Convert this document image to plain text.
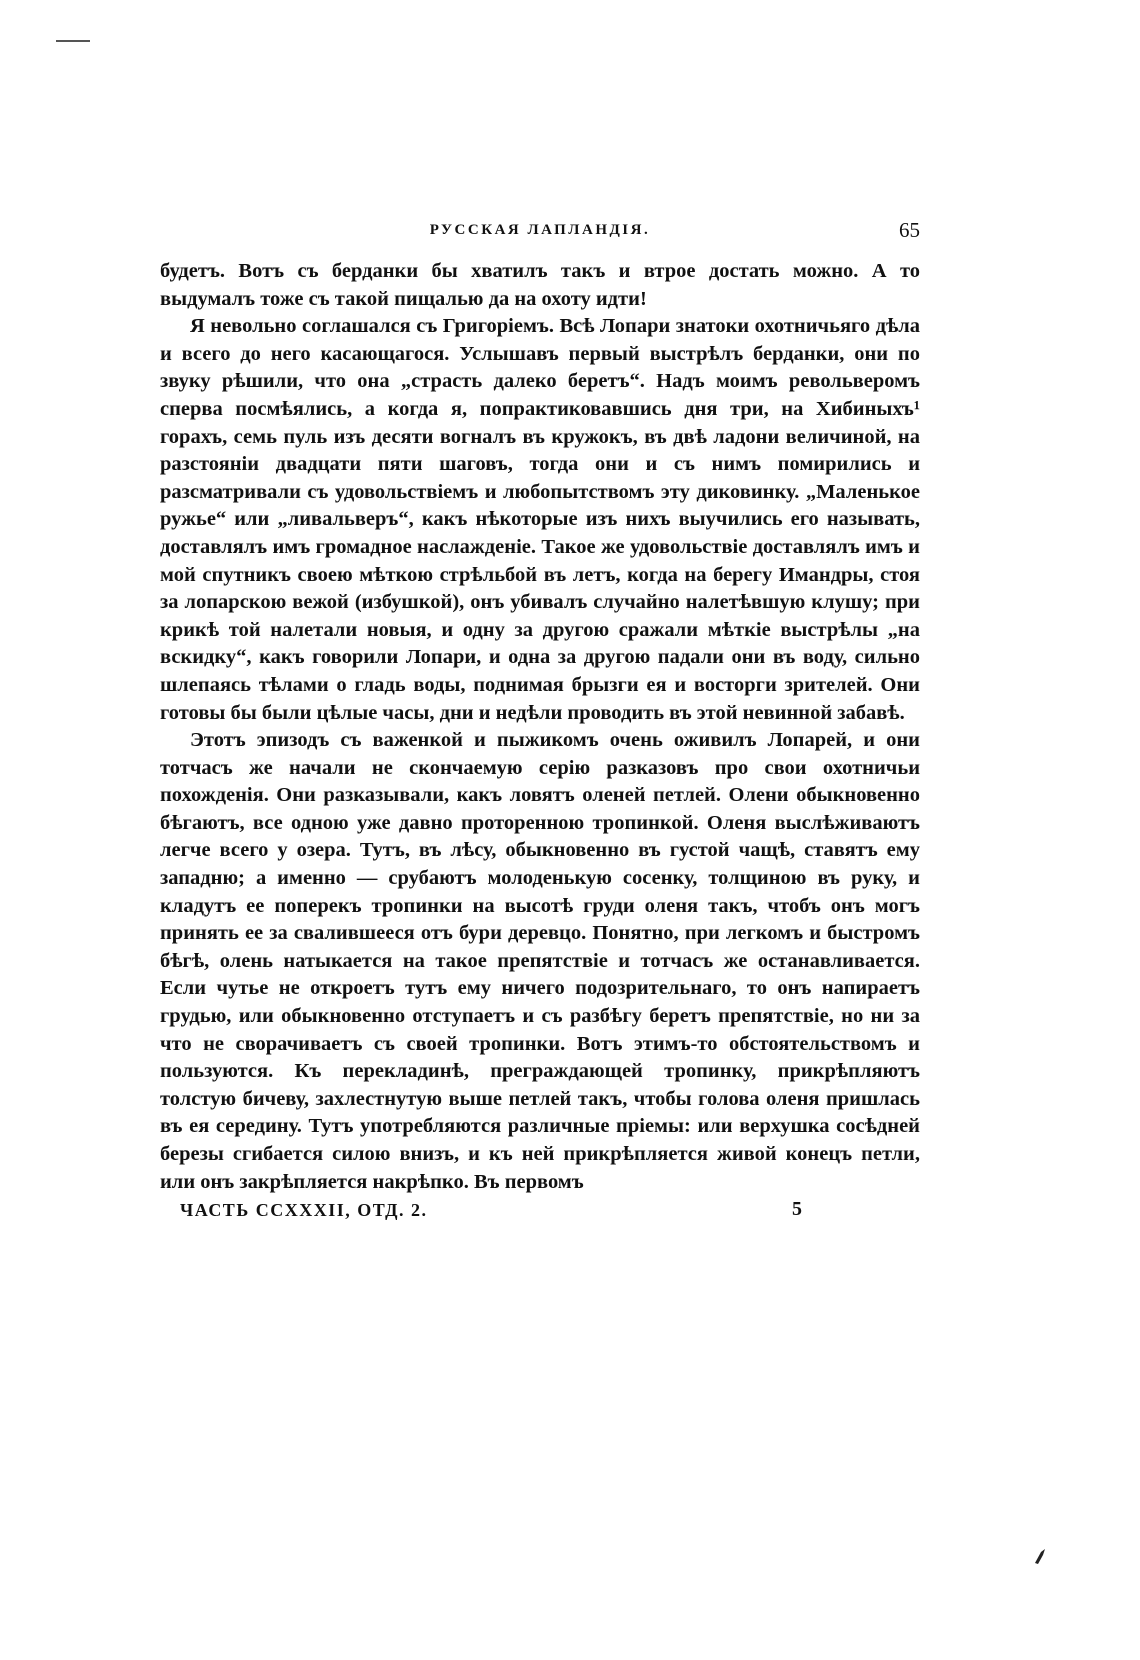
РУССКАЯ ЛАПЛАНДІЯ.	65

будетъ. Вотъ съ берданки бы хватилъ такъ и втрое достать можно. А то выдумалъ тоже съ такой пищалью да на охоту идти!

Я невольно соглашался съ Григоріемъ. Всѣ Лопари знатоки охотничьяго дѣла и всего до него касающагося. Услышавъ первый выстрѣлъ берданки, они по звуку рѣшили, что она „страсть далеко беретъ“. Надъ моимъ револьверомъ сперва посмѣялись, а когда я, попрактиковавшись дня три, на Хибиныхъ¹ горахъ, семь пуль изъ десяти вогналъ въ кружокъ, въ двѣ ладони величиной, на разстояніи двадцати пяти шаговъ, тогда они и съ нимъ помирились и разсматривали съ удовольствіемъ и любопытствомъ эту диковинку. „Маленькое ружье“ или „ливальверъ“, какъ нѣкоторые изъ нихъ выучились его называть, доставлялъ имъ громадное наслажденіе. Такое же удовольствіе доставлялъ имъ и мой спутникъ своею мѣткою стрѣльбой въ летъ, когда на берегу Имандры, стоя за лопарскою вежой (избушкой), онъ убивалъ случайно налетѣвшую клушу; при крикѣ той налетали новыя, и одну за другою сражали мѣткіе выстрѣлы „на вскидку“, какъ говорили Лопари, и одна за другою падали они въ воду, сильно шлепаясь тѣлами о гладь воды, поднимая брызги ея и восторги зрителей. Они готовы бы были цѣлые часы, дни и недѣли проводить въ этой невинной забавѣ.

Этотъ эпизодъ съ важенкой и пыжикомъ очень оживилъ Лопарей, и они тотчасъ же начали не скончаемую серію разказовъ про свои охотничьи похожденія. Они разказывали, какъ ловятъ оленей петлей. Олени обыкновенно бѣгаютъ, все одною уже давно проторенною тропинкой. Оленя выслѣживаютъ легче всего у озера. Тутъ, въ лѣсу, обыкновенно въ густой чащѣ, ставятъ ему западню; а именно — срубаютъ молоденькую сосенку, толщиною въ руку, и кладутъ ее поперекъ тропинки на высотѣ груди оленя такъ, чтобъ онъ могъ принять ее за свалившееся отъ бури деревцо. Понятно, при легкомъ и быстромъ бѣгѣ, олень натыкается на такое препятствіе и тотчасъ же останавливается. Если чутье не откроетъ тутъ ему ничего подозрительнаго, то онъ напираетъ грудью, или обыкновенно отступаетъ и съ разбѣгу беретъ препятствіе, но ни за что не сворачиваетъ съ своей тропинки. Вотъ этимъ-то обстоятельствомъ и пользуются. Къ перекладинѣ, преграждающей тропинку, прикрѣпляютъ толстую бичеву, захлестнутую выше петлей такъ, чтобы голова оленя пришлась въ ея середину. Тутъ употребляются различные пріемы: или верхушка сосѣдней березы сгибается силою внизъ, и къ ней прикрѣпляется живой конецъ петли, или онъ закрѣпляется накрѣпко. Въ первомъ

ЧАСТЬ CCXXXII, ОТД. 2.	5
